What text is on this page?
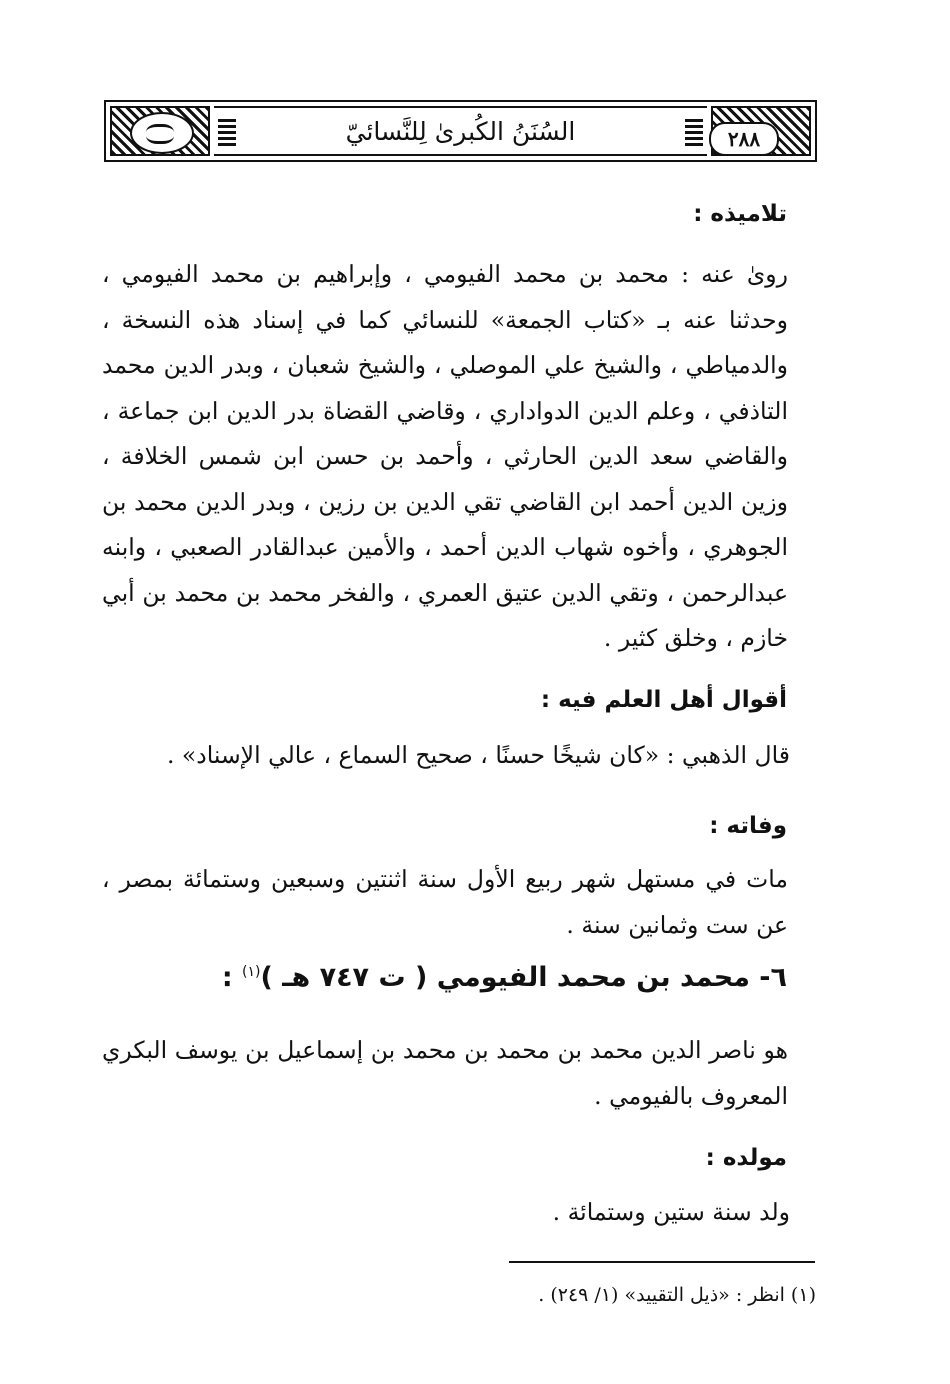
السُنَنُ الكُبرىٰ لِلنَّسائيّ	٢٨٨
تلاميذه :
روىٰ عنه : محمد بن محمد الفيومي ، وإبراهيم بن محمد الفيومي ، وحدثنا عنه بـ «كتاب الجمعة» للنسائي كما في إسناد هذه النسخة ، والدمياطي ، والشيخ علي الموصلي ، والشيخ شعبان ، وبدر الدين محمد التاذفي ، وعلم الدين الدواداري ، وقاضي القضاة بدر الدين ابن جماعة ، والقاضي سعد الدين الحارثي ، وأحمد بن حسن ابن شمس الخلافة ، وزين الدين أحمد ابن القاضي تقي الدين بن رزين ، وبدر الدين محمد بن الجوهري ، وأخوه شهاب الدين أحمد ، والأمين عبدالقادر الصعبي ، وابنه عبدالرحمن ، وتقي الدين عتيق العمري ، والفخر محمد بن محمد بن أبي خازم ، وخلق كثير .
أقوال أهل العلم فيه :
قال الذهبي : «كان شيخًا حسنًا ، صحيح السماع ، عالي الإسناد» .
وفاته :
مات في مستهل شهر ربيع الأول سنة اثنتين وسبعين وستمائة بمصر ، عن ست وثمانين سنة .
٦- محمد بن محمد الفيومي ( ت ٧٤٧ هـ )$^{(١)}$ :
هو ناصر الدين محمد بن محمد بن محمد بن إسماعيل بن يوسف البكري المعروف بالفيومي .
مولده :
ولد سنة ستين وستمائة .
(١) انظر : «ذيل التقييد» (١/ ٢٤٩) .
